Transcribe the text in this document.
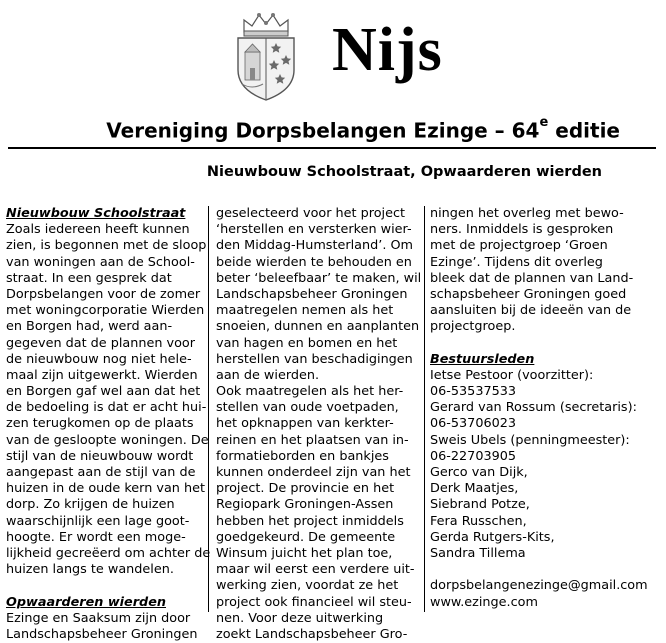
Nijs
Vereniging Dorpsbelangen Ezinge – 64e editie
Nieuwbouw Schoolstraat, Opwaarderen wierden
Nieuwbouw Schoolstraat
Zoals iedereen heeft kunnen
zien, is begonnen met de sloop
van woningen aan de School-
straat. In een gesprek dat
Dorpsbelangen voor de zomer
met woningcorporatie Wierden
en Borgen had, werd aan-
gegeven dat de plannen voor
de nieuwbouw nog niet hele-
maal zijn uitgewerkt. Wierden
en Borgen gaf wel aan dat het
de bedoeling is dat er acht hui-
zen terugkomen op de plaats
van de gesloopte woningen. De
stijl van de nieuwbouw wordt
aangepast aan de stijl van de
huizen in de oude kern van het
dorp. Zo krijgen de huizen
waarschijnlijk een lage goot-
hoogte. Er wordt een moge-
lijkheid gecreëerd om achter de
huizen langs te wandelen.
Opwaarderen wierden
Ezinge en Saaksum zijn door
Landschapsbeheer Groningen
geselecteerd voor het project
‘herstellen en versterken wier-
den Middag-Humsterland’. Om
beide wierden te behouden en
beter ‘beleefbaar’ te maken, wil
Landschapsbeheer Groningen
maatregelen nemen als het
snoeien, dunnen en aanplanten
van hagen en bomen en het
herstellen van beschadigingen
aan de wierden.
Ook maatregelen als het her-
stellen van oude voetpaden,
het opknappen van kerkter-
reinen en het plaatsen van in-
formatieborden en bankjes
kunnen onderdeel zijn van het
project. De provincie en het
Regiopark Groningen-Assen
hebben het project inmiddels
goedgekeurd. De gemeente
Winsum juicht het plan toe,
maar wil eerst een verdere uit-
werking zien, voordat ze het
project ook financieel wil steu-
nen. Voor deze uitwerking
zoekt Landschapsbeheer Gro-
ningen het overleg met bewo-
ners. Inmiddels is gesproken
met de projectgroep ‘Groen
Ezinge’. Tijdens dit overleg
bleek dat de plannen van Land-
schapsbeheer Groningen goed
aansluiten bij de ideeën van de
projectgroep.
Bestuursleden
Ietse Pestoor (voorzitter):
06-53537533
Gerard van Rossum (secretaris):
06-53706023
Sweis Ubels (penningmeester):
06-22703905
Gerco van Dijk,
Derk Maatjes,
Siebrand Potze,
Fera Russchen,
Gerda Rutgers-Kits,
Sandra Tillema
dorpsbelangenezinge@gmail.com
www.ezinge.com
